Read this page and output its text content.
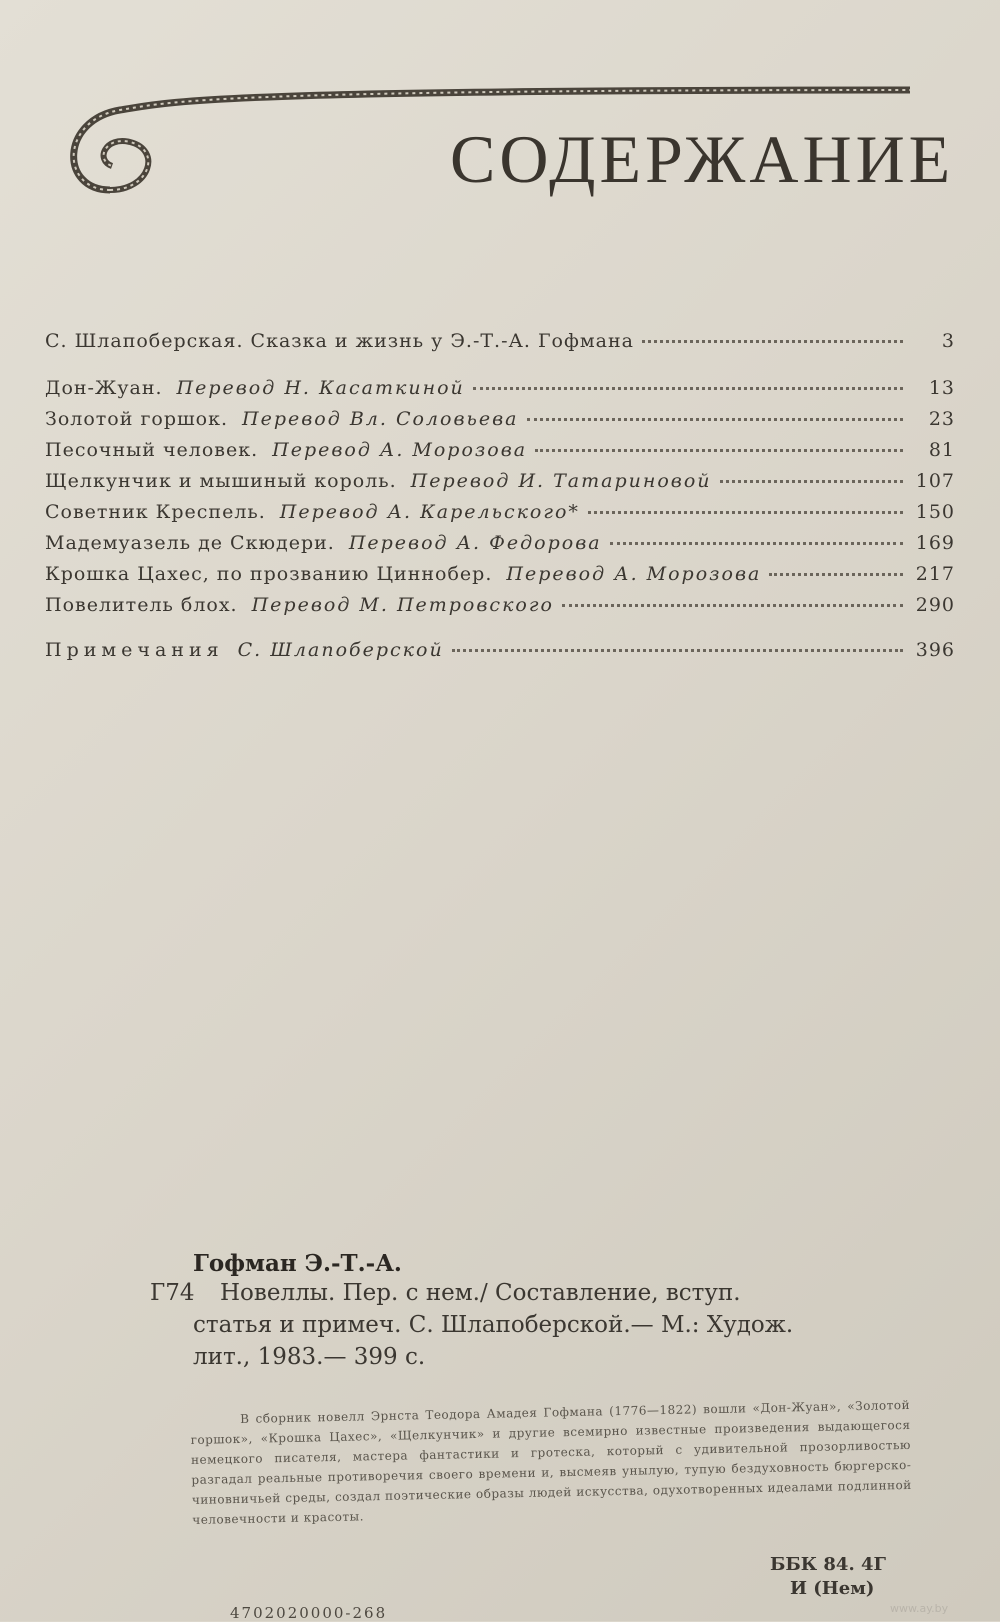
СОДЕРЖАНИЕ
С. Шлапоберская. Сказка и жизнь у Э.-Т.-А. Гофмана	3
Дон-Жуан. Перевод Н. Касаткиной	13
Золотой горшок. Перевод Вл. Соловьева	23
Песочный человек. Перевод А. Морозова	81
Щелкунчик и мышиный король. Перевод И. Татариновой	107
Советник Креспель. Перевод А. Карельского*	150
Мадемуазель де Скюдери. Перевод А. Федорова	169
Крошка Цахес, по прозванию Циннобер. Перевод А. Морозова	217
Повелитель блох. Перевод М. Петровского	290
Примечания С. Шлапоберской	396
Гофман Э.-Т.-А.
Г74 Новеллы. Пер. с нем./ Составление, вступ.
статья и примеч. С. Шлапоберской.— М.: Худож.
лит., 1983.— 399 с.
В сборник новелл Эрнста Теодора Амадея Гофмана (1776—1822) вошли «Дон-Жуан», «Золотой горшок», «Крошка Цахес», «Щелкунчик» и другие всемирно известные произведения выдающегося немецкого писателя, мастера фантастики и гротеска, который с удивительной прозорливостью разгадал реальные противоречия своего времени и, высмеяв унылую, тупую бездуховность бюргерско-чиновничьей среды, создал поэтические образы людей искусства, одухотворенных идеалами подлинной человечности и красоты.
ББК 84. 4Г
И (Нем)
4702020000-268	www.ay.by
